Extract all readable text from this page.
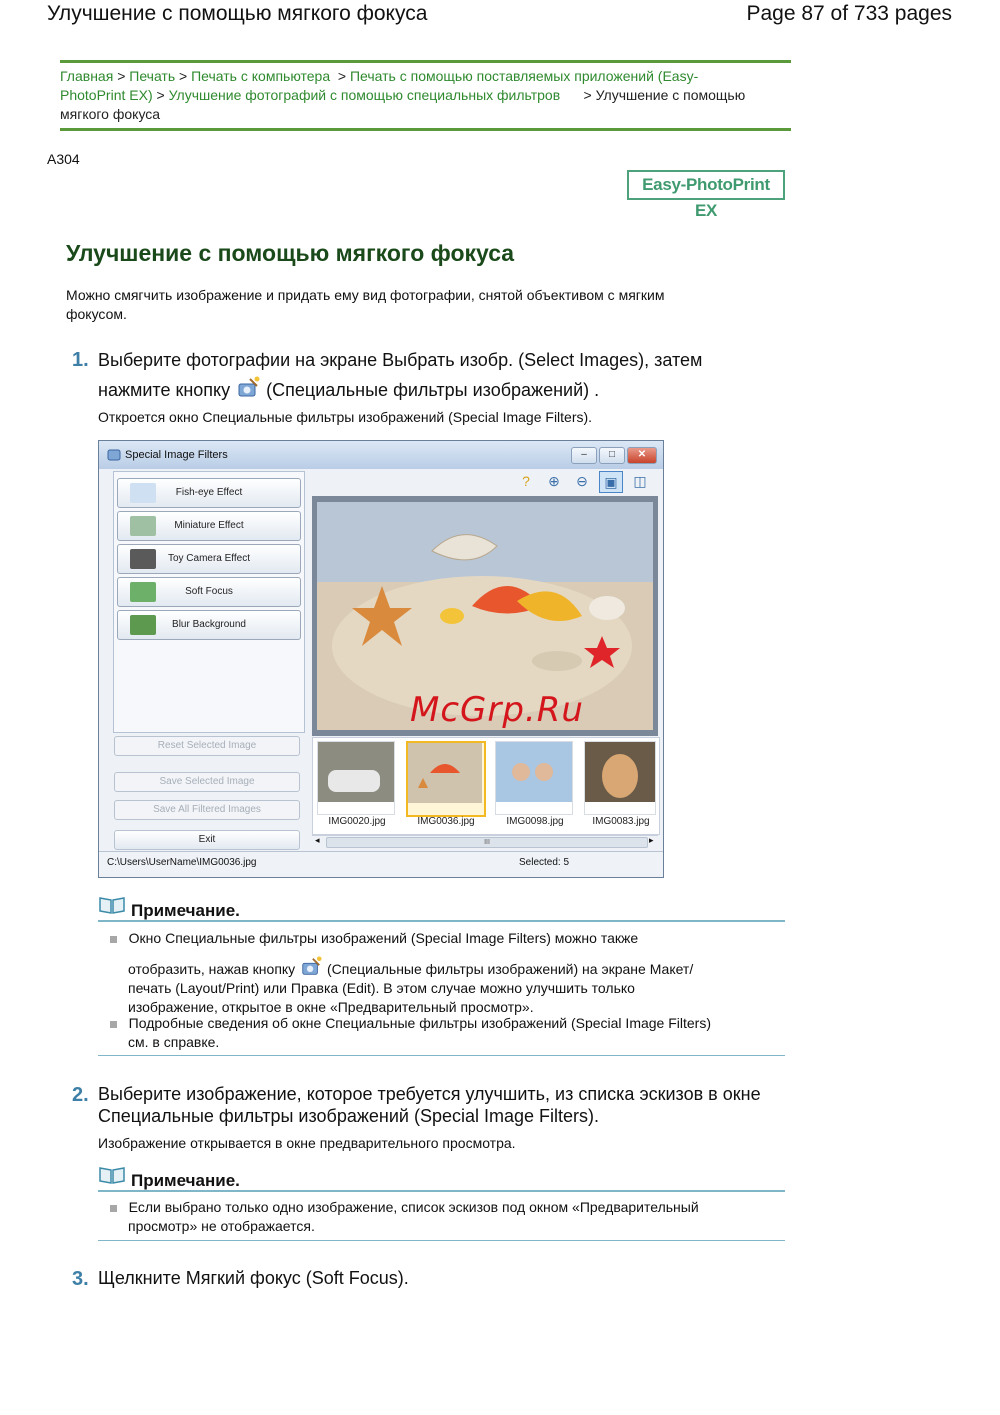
Улучшение с помощью мягкого фокуса	Page 87 of 733 pages
Главная > Печать > Печать с компьютера > Печать с помощью поставляемых приложений (Easy-
PhotoPrint EX) > Улучшение фотографий с помощью специальных фильтров > Улучшение с помощью
мягкого фокуса
A304
Easy-PhotoPrint EX
Улучшение с помощью мягкого фокуса
Можно смягчить изображение и придать ему вид фотографии, снятой объективом с мягким
фокусом.
1. Выберите фотографии на экране Выбрать изобр. (Select Images), затем
нажмите кнопку (Специальные фильтры изображений) .
Откроется окно Специальные фильтры изображений (Special Image Filters).
Special Image Filters	‒	□	✕
Fish-eye Effect
Miniature Effect
Toy Camera Effect
Soft Focus
Blur Background
Reset Selected Image
Save Selected Image
Save All Filtered Images
Exit
?	⊕	⊖	▣	◫
IMG0020.jpg	IMG0036.jpg	IMG0098.jpg	IMG0083.jpg
◂	III	▸
C:\Users\UserName\IMG0036.jpg	Selected: 5
McGrp.Ru
Примечание.
Окно Специальные фильтры изображений (Special Image Filters) можно также
отобразить, нажав кнопку (Специальные фильтры изображений) на экране Макет/
печать (Layout/Print) или Правка (Edit). В этом случае можно улучшить только
изображение, открытое в окне «Предварительный просмотр».
Подробные сведения об окне Специальные фильтры изображений (Special Image Filters)
см. в справке.
2. Выберите изображение, которое требуется улучшить, из списка эскизов в окне
Специальные фильтры изображений (Special Image Filters).
Изображение открывается в окне предварительного просмотра.
Примечание.
Если выбрано только одно изображение, список эскизов под окном «Предварительный
просмотр» не отображается.
3. Щелкните Мягкий фокус (Soft Focus).
